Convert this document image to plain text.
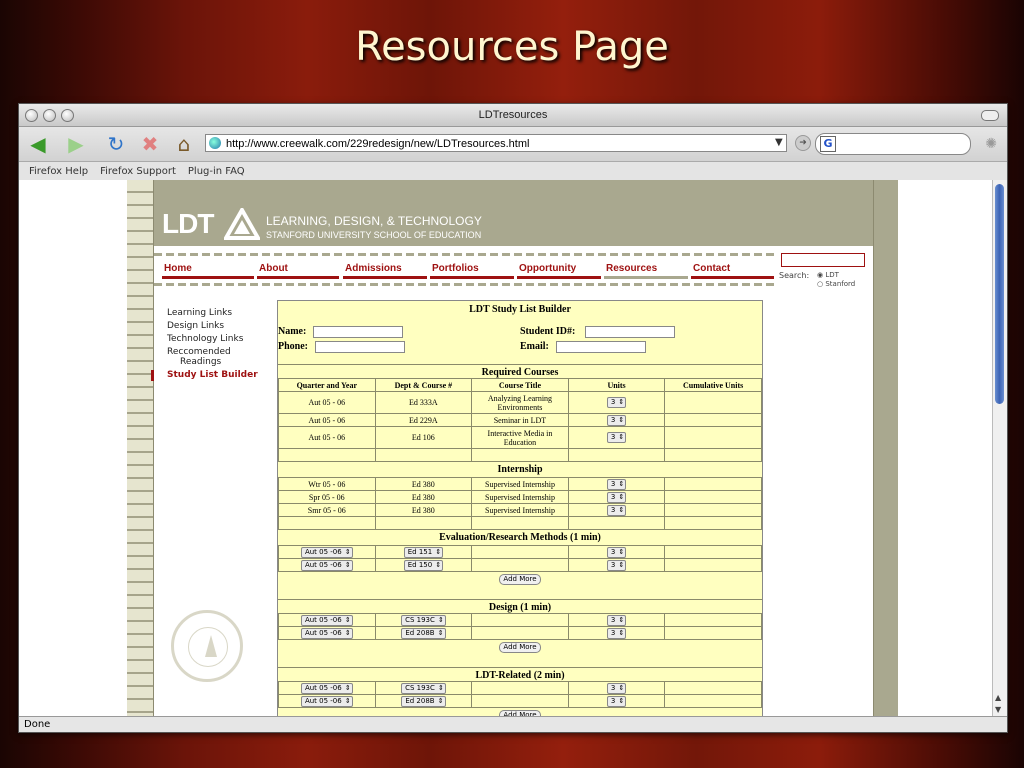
Resources Page
LDTresources
◀ ▶ ↻ ✖ ⌂	http://www.creewalk.com/229redesign/new/LDTresources.html	▼	➜	G	✺
Firefox Help Firefox Support Plug-in FAQ
LDT	LEARNING, DESIGN, & TECHNOLOGY
STANFORD UNIVERSITY SCHOOL OF EDUCATION
Home	About	Admissions	Portfolios	Opportunity	Resources	Contact
Search: ◉ LDT
○ Stanford
Learning Links
Design Links
Technology Links
Reccomended
Readings
Study List Builder
LDT Study List Builder
Name:
Phone:
Student ID#:
Email:
Required Courses
Quarter and Year	Dept & Course #	Course Title	Units	Cumulative Units
Aut 05 - 06	Ed 333A	Analyzing Learning Environments	3 ⇕	
Aut 05 - 06	Ed 229A	Seminar in LDT	3 ⇕	
Aut 05 - 06	Ed 106	Interactive Media in Education	3 ⇕	

Internship
Wtr 05 - 06	Ed 380	Supervised Internship	3 ⇕	
Spr 05 - 06	Ed 380	Supervised Internship	3 ⇕	
Smr 05 - 06	Ed 380	Supervised Internship	3 ⇕	

Evaluation/Research Methods (1 min)
Aut 05 -06 ⇕	Ed 151 ⇕		3 ⇕	
Aut 05 -06 ⇕	Ed 150 ⇕		3 ⇕	
Add More
Design (1 min)
Aut 05 -06 ⇕	CS 193C ⇕		3 ⇕	
Aut 05 -06 ⇕	Ed 208B ⇕		3 ⇕	
Add More
LDT-Related (2 min)
Aut 05 -06 ⇕	CS 193C ⇕		3 ⇕	
Aut 05 -06 ⇕	Ed 208B ⇕		3 ⇕	
Add More
▲
▼
Done
